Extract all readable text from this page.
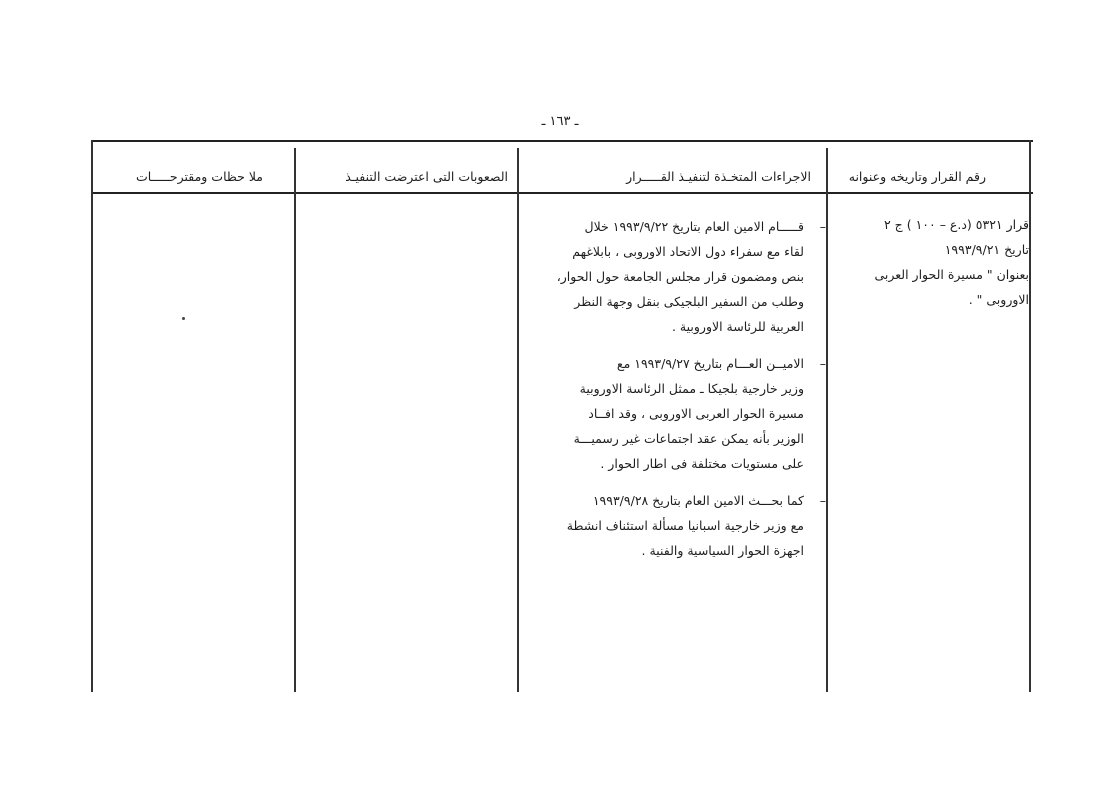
ـ ١٦٣ ـ
رقم القرار وتاريخه وعنوانه
الاجراءات المتخـذة لتنفيـذ القـــــرار
الصعوبات التى اعترضت التنفيـذ
ملا حظات ومقترحـــــات
قرار ٥٣٢١ (د.ع – ١٠٠ ) ج ٢
تاريخ ١٩٩٣/٩/٢١
بعنوان " مسيرة الحوار العربى
الاوروبى " .
–
قـــــام الامين العام بتاريخ ١٩٩٣/٩/٢٢ خلال
لقاء مع سفراء دول الاتحاد الاوروبى ، بابلاغهم
بنص ومضمون قرار مجلس الجامعة حول الحوار،
وطلب من السفير البلجيكى بنقل وجهة النظر
العربية للرئاسة الاوروبية .
–
الاميــن العـــام بتاريخ ١٩٩٣/٩/٢٧ مع
وزير خارجية بلجيكا ـ ممثل الرئاسة الاوروبية
مسيرة الحوار العربى الاوروبى ، وقد افــاد
الوزير بأنه يمكن عقد اجتماعات غير رسميـــة
على مستويات مختلفة فى اطار الحوار .
–
كما بحـــث الامين العام بتاريخ ١٩٩٣/٩/٢٨
مع وزير خارجية اسبانيا مسألة استئناف انشطة
اجهزة الحوار السياسية والفنية .
